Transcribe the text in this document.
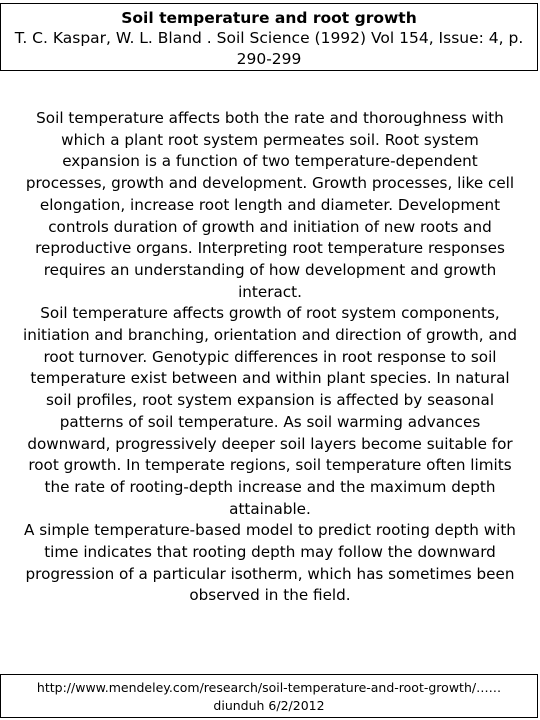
Soil temperature and root growth
T. C. Kaspar, W. L. Bland . Soil Science (1992) Vol 154, Issue: 4, p. 290-299

Soil temperature affects both the rate and thoroughness with which a plant root system permeates soil. Root system expansion is a function of two temperature-dependent processes, growth and development. Growth processes, like cell elongation, increase root length and diameter. Development controls duration of growth and initiation of new roots and reproductive organs. Interpreting root temperature responses requires an understanding of how development and growth interact.

Soil temperature affects growth of root system components, initiation and branching, orientation and direction of growth, and root turnover. Genotypic differences in root response to soil temperature exist between and within plant species. In natural soil profiles, root system expansion is affected by seasonal patterns of soil temperature. As soil warming advances downward, progressively deeper soil layers become suitable for root growth. In temperate regions, soil temperature often limits the rate of rooting-depth increase and the maximum depth attainable.

A simple temperature-based model to predict rooting depth with time indicates that rooting depth may follow the downward progression of a particular isotherm, which has sometimes been observed in the field.

http://www.mendeley.com/research/soil-temperature-and-root-growth/……
diunduh 6/2/2012
